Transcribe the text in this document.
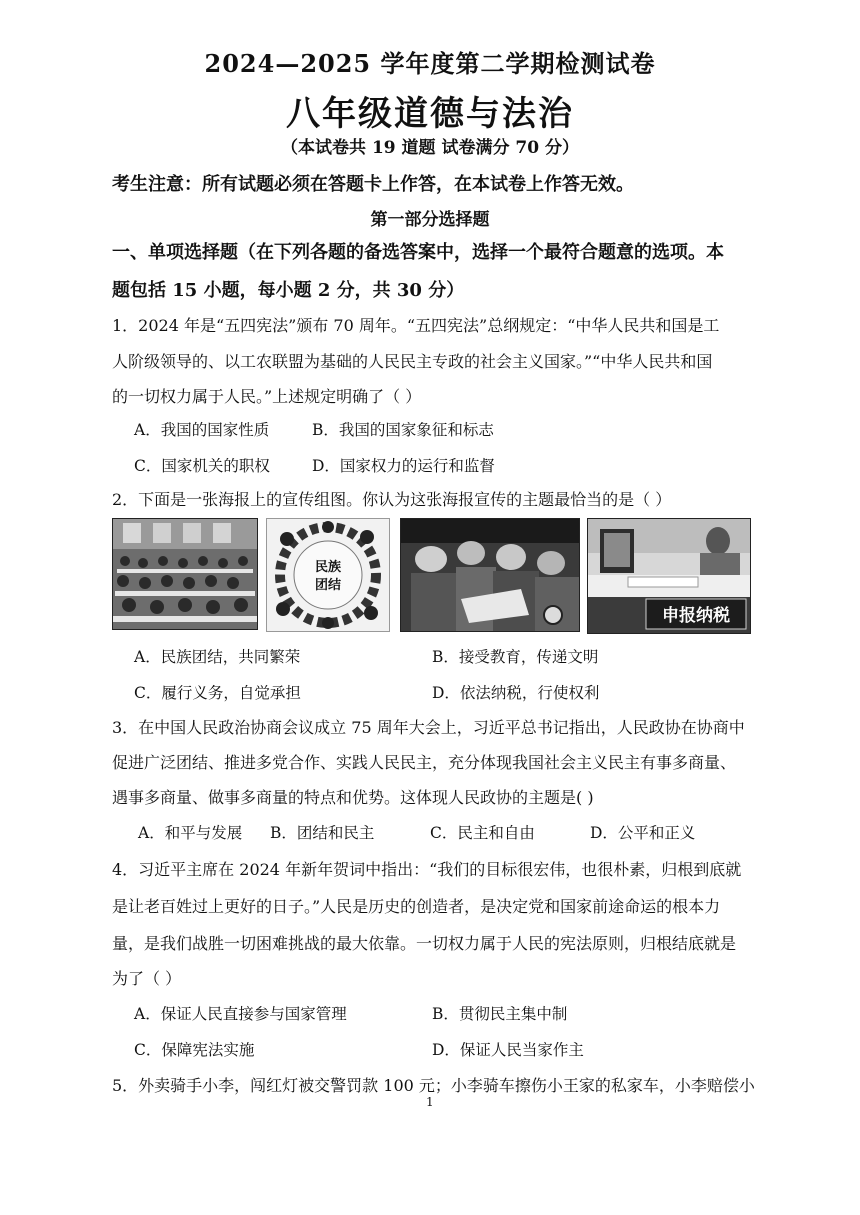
2024—2025 学年度第二学期检测试卷
八年级道德与法治
（本试卷共 19 道题 试卷满分 70 分）
考生注意：所有试题必须在答题卡上作答，在本试卷上作答无效。
第一部分选择题
一、单项选择题（在下列各题的备选答案中，选择一个最符合题意的选项。本
题包括 15 小题，每小题 2 分，共 30 分）
1．2024 年是“五四宪法”颁布 70 周年。“五四宪法”总纲规定：“中华人民共和国是工
人阶级领导的、以工农联盟为基础的人民民主专政的社会主义国家。”“中华人民共和国
的一切权力属于人民。”上述规定明确了（ ）
A．我国的国家性质	B．我国的国家象征和标志
C．国家机关的职权	D．国家权力的运行和监督
2．下面是一张海报上的宣传组图。你认为这张海报宣传的主题最恰当的是（ ）
民族
团结
申报纳税
A．民族团结，共同繁荣	B．接受教育，传递文明
C．履行义务，自觉承担	D．依法纳税，行使权利
3．在中国人民政治协商会议成立 75 周年大会上，习近平总书记指出，人民政协在协商中
促进广泛团结、推进多党合作、实践人民民主，充分体现我国社会主义民主有事多商量、
遇事多商量、做事多商量的特点和优势。这体现人民政协的主题是( )
A．和平与发展 B．团结和民主	C．民主和自由	D．公平和正义
4．习近平主席在 2024 年新年贺词中指出：“我们的目标很宏伟，也很朴素，归根到底就
是让老百姓过上更好的日子。”人民是历史的创造者，是决定党和国家前途命运的根本力
量，是我们战胜一切困难挑战的最大依靠。一切权力属于人民的宪法原则，归根结底就是
为了（ ）
A．保证人民直接参与国家管理	B．贯彻民主集中制
C．保障宪法实施	D．保证人民当家作主
5．外卖骑手小李，闯红灯被交警罚款 100 元；小李骑车擦伤小王家的私家车，小李赔偿小
1
